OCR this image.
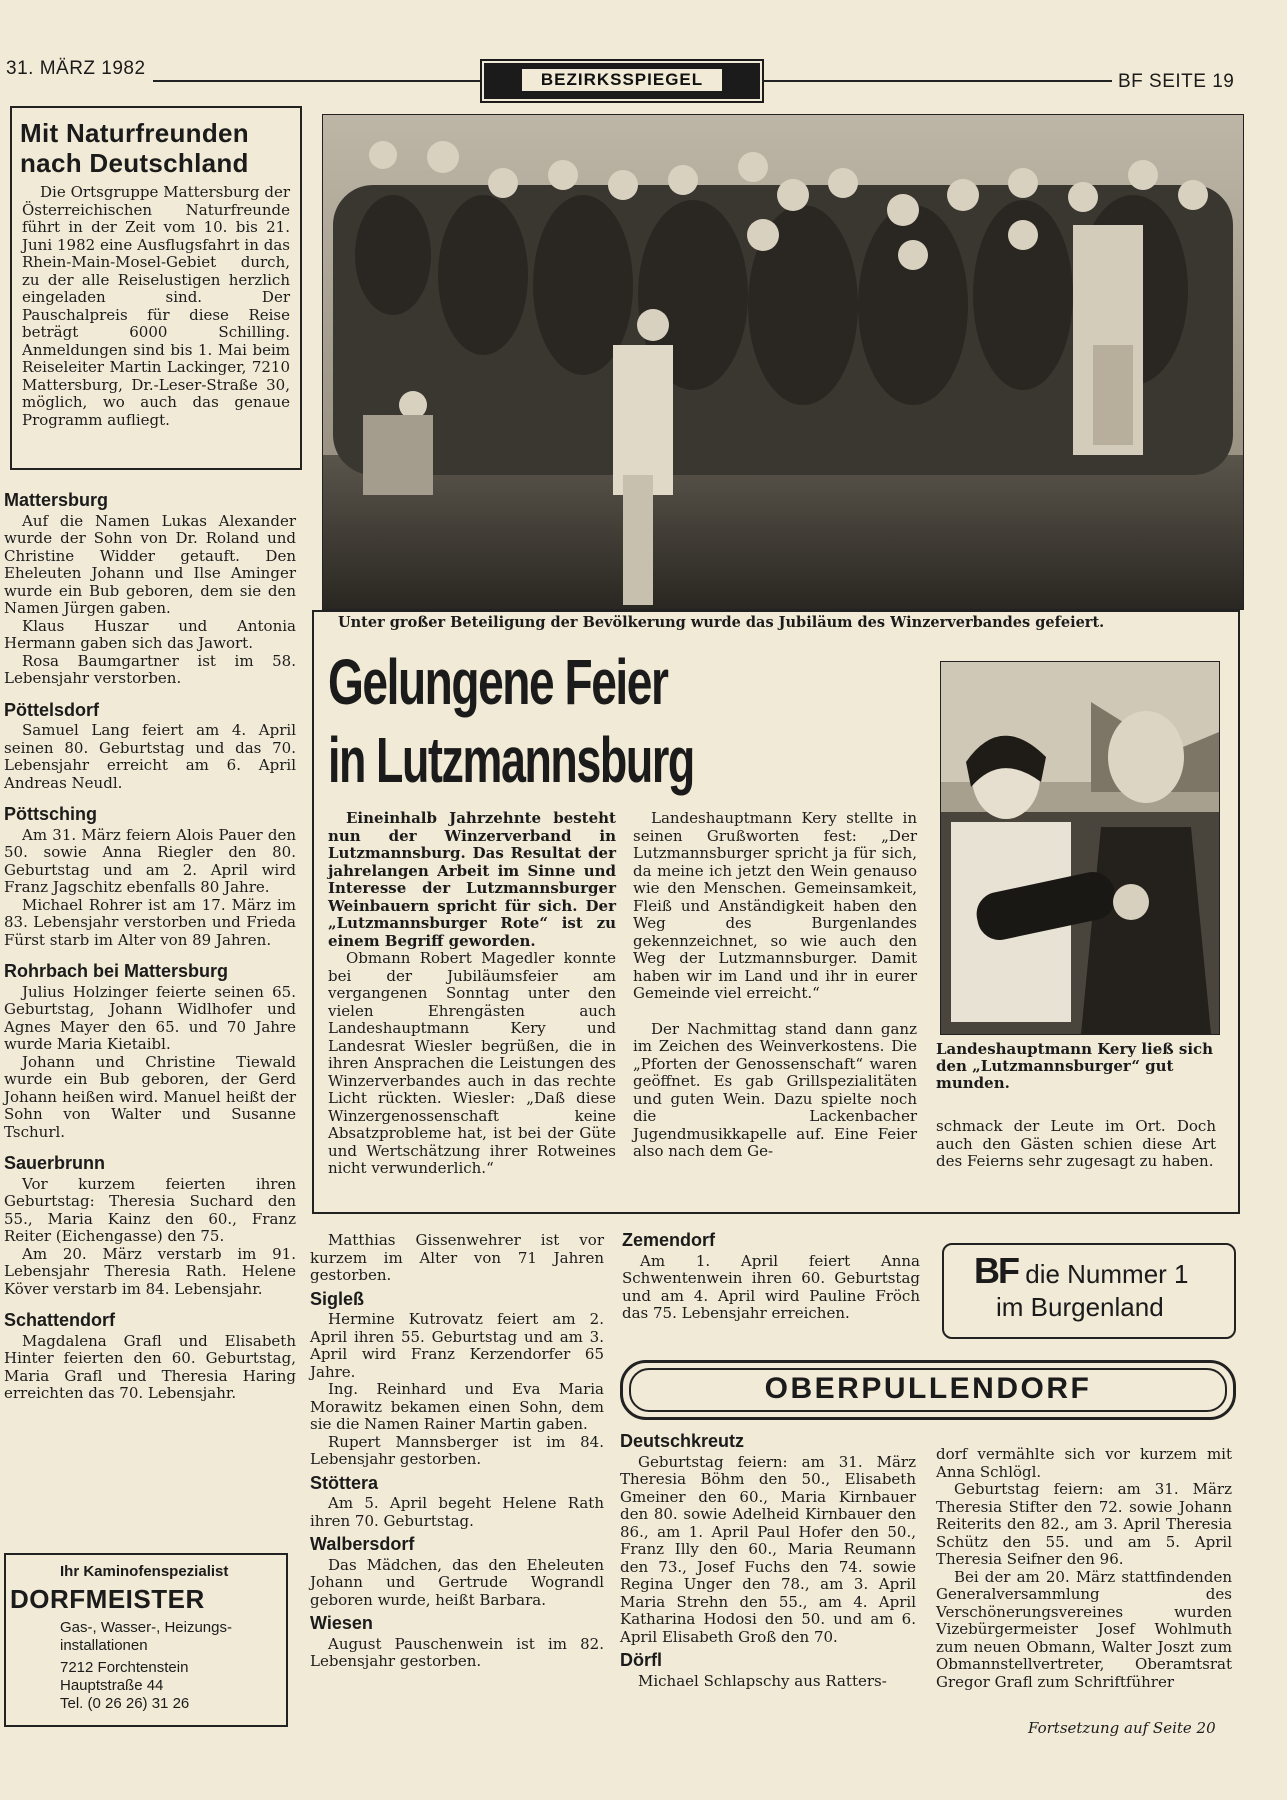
31. MÄRZ 1982
BEZIRKSSPIEGEL	BF SEITE 19
Mit Naturfreunden nach Deutschland

Die Ortsgruppe Mattersburg der Österreichischen Naturfreunde führt in der Zeit vom 10. bis 21. Juni 1982 eine Ausflugsfahrt in das Rhein-Main-Mosel-Gebiet durch, zu der alle Reiselustigen herzlich eingeladen sind. Der Pauschalpreis für diese Reise beträgt 6000 Schilling. Anmeldungen sind bis 1. Mai beim Reiseleiter Martin Lackinger, 7210 Mattersburg, Dr.-Leser-Straße 30, möglich, wo auch das genaue Programm aufliegt.

Mattersburg

Auf die Namen Lukas Alexander wurde der Sohn von Dr. Roland und Christine Widder getauft. Den Eheleuten Johann und Ilse Aminger wurde ein Bub geboren, dem sie den Namen Jürgen gaben.

Klaus Huszar und Antonia Hermann gaben sich das Jawort.

Rosa Baumgartner ist im 58. Lebensjahr verstorben.

Pöttelsdorf

Samuel Lang feiert am 4. April seinen 80. Geburtstag und das 70. Lebensjahr erreicht am 6. April Andreas Neudl.

Pöttsching

Am 31. März feiern Alois Pauer den 50. sowie Anna Riegler den 80. Geburtstag und am 2. April wird Franz Jagschitz ebenfalls 80 Jahre.

Michael Rohrer ist am 17. März im 83. Lebensjahr verstorben und Frieda Fürst starb im Alter von 89 Jahren.

Rohrbach bei Mattersburg

Julius Holzinger feierte seinen 65. Geburtstag, Johann Widlhofer und Agnes Mayer den 65. und 70 Jahre wurde Maria Kietaibl.

Johann und Christine Tiewald wurde ein Bub geboren, der Gerd Johann heißen wird. Manuel heißt der Sohn von Walter und Susanne Tschurl.

Sauerbrunn

Vor kurzem feierten ihren Geburtstag: Theresia Suchard den 55., Maria Kainz den 60., Franz Reiter (Eichengasse) den 75.

Am 20. März verstarb im 91. Lebensjahr Theresia Rath. Helene Köver verstarb im 84. Lebensjahr.

Schattendorf

Magdalena Grafl und Elisabeth Hinter feierten den 60. Geburtstag, Maria Grafl und Theresia Haring erreichten das 70. Lebensjahr.

Ihr Kaminofenspezialist
DORFMEISTER
Gas-, Wasser-, Heizungs-
installationen
7212 Forchtenstein
Hauptstraße 44
Tel. (0 26 26) 31 26
Unter großer Beteiligung der Bevölkerung wurde das Jubiläum des Winzerverbandes gefeiert.
Gelungene Feier
in Lutzmannsburg

Eineinhalb Jahrzehnte besteht nun der Winzerverband in Lutzmannsburg. Das Resultat der jahrelangen Arbeit im Sinne und Interesse der Lutzmannsburger Weinbauern spricht für sich. Der „Lutzmannsburger Rote“ ist zu einem Begriff geworden.

Obmann Robert Magedler konnte bei der Jubiläumsfeier am vergangenen Sonntag unter den vielen Ehrengästen auch Landeshauptmann Kery und Landesrat Wiesler begrüßen, die in ihren Ansprachen die Leistungen des Winzerverbandes auch in das rechte Licht rückten. Wiesler: „Daß diese Winzergenossenschaft keine Absatzprobleme hat, ist bei der Güte und Wertschätzung ihrer Rotweines nicht verwunderlich.“

Landeshauptmann Kery stellte in seinen Grußworten fest: „Der Lutzmannsburger spricht ja für sich, da meine ich jetzt den Wein genauso wie den Menschen. Gemeinsamkeit, Fleiß und Anständigkeit haben den Weg des Burgenlandes gekennzeichnet, so wie auch den Weg der Lutzmannsburger. Damit haben wir im Land und ihr in eurer Gemeinde viel erreicht.“

Der Nachmittag stand dann ganz im Zeichen des Weinverkostens. Die „Pforten der Genossenschaft“ waren geöffnet. Es gab Grillspezialitäten und guten Wein. Dazu spielte noch die Lackenbacher Jugendmusikkapelle auf. Eine Feier also nach dem Ge-

Landeshauptmann Kery ließ sich den „Lutzmannsburger“ gut munden.

schmack der Leute im Ort. Doch auch den Gästen schien diese Art des Feierns sehr zugesagt zu haben.

Matthias Gissenwehrer ist vor kurzem im Alter von 71 Jahren gestorben.

Sigleß

Hermine Kutrovatz feiert am 2. April ihren 55. Geburtstag und am 3. April wird Franz Kerzendorfer 65 Jahre.

Ing. Reinhard und Eva Maria Morawitz bekamen einen Sohn, dem sie die Namen Rainer Martin gaben.

Rupert Mannsberger ist im 84. Lebensjahr gestorben.

Stöttera

Am 5. April begeht Helene Rath ihren 70. Geburtstag.

Walbersdorf

Das Mädchen, das den Eheleuten Johann und Gertrude Wograndl geboren wurde, heißt Barbara.

Wiesen

August Pauschenwein ist im 82. Lebensjahr gestorben.

Zemendorf

Am 1. April feiert Anna Schwentenwein ihren 60. Geburtstag und am 4. April wird Pauline Fröch das 75. Lebensjahr erreichen.

BF die Nummer 1
im Burgenland
OBERPULLENDORF
Deutschkreutz

Geburtstag feiern: am 31. März Theresia Böhm den 50., Elisabeth Gmeiner den 60., Maria Kirnbauer den 80. sowie Adelheid Kirnbauer den 86., am 1. April Paul Hofer den 50., Franz Illy den 60., Maria Reumann den 73., Josef Fuchs den 74. sowie Regina Unger den 78., am 3. April Maria Strehn den 55., am 4. April Katharina Hodosi den 50. und am 6. April Elisabeth Groß den 70.

Dörfl

Michael Schlapschy aus Ratters-

dorf vermählte sich vor kurzem mit Anna Schlögl.

Geburtstag feiern: am 31. März Theresia Stifter den 72. sowie Johann Reiterits den 82., am 3. April Theresia Schütz den 55. und am 5. April Theresia Seifner den 96.

Bei der am 20. März stattfindenden Generalversammlung des Verschönerungsvereines wurden Vizebürgermeister Josef Wohlmuth zum neuen Obmann, Walter Joszt zum Obmannstellvertreter, Oberamtsrat Gregor Grafl zum Schriftführer

Fortsetzung auf Seite 20
